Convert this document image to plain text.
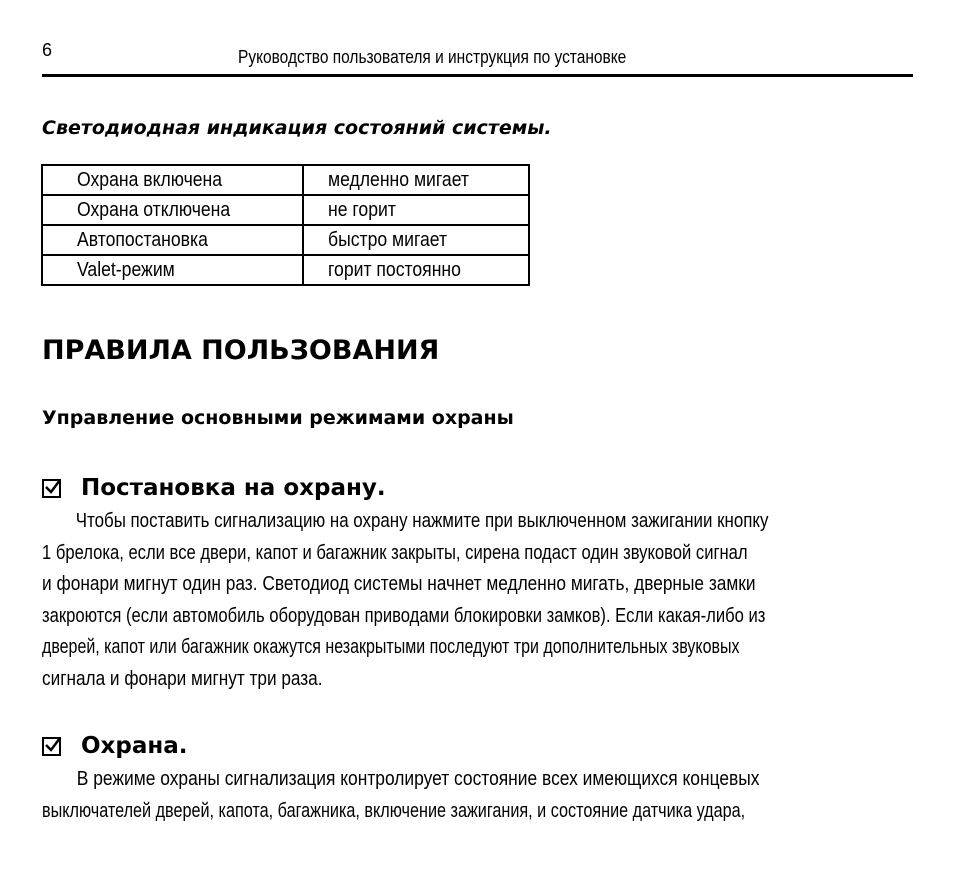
6	Руководство пользователя и инструкция по установке
Светодиодная индикация состояний системы.
Охрана включена	медленно мигает
Охрана отключена	не горит
Автопостановка	быстро мигает
Valet-режим	горит постоянно
ПРАВИЛА ПОЛЬЗОВАНИЯ
Управление основными режимами охраны
Постановка на охрану.
Чтобы поставить сигнализацию на охрану нажмите при выключенном зажигании кнопку
1 брелока, если все двери, капот и багажник закрыты, сирена подаст один звуковой сигнал
и фонари мигнут один раз. Светодиод системы начнет медленно мигать, дверные замки
закроются (если автомобиль оборудован приводами блокировки замков). Если какая-либо из
дверей, капот или багажник окажутся незакрытыми последуют три дополнительных звуковых
сигнала и фонари мигнут три раза.
Охрана.
В режиме охраны сигнализация контролирует состояние всех имеющихся концевых
выключателей дверей, капота, багажника, включение зажигания, и состояние датчика удара,
